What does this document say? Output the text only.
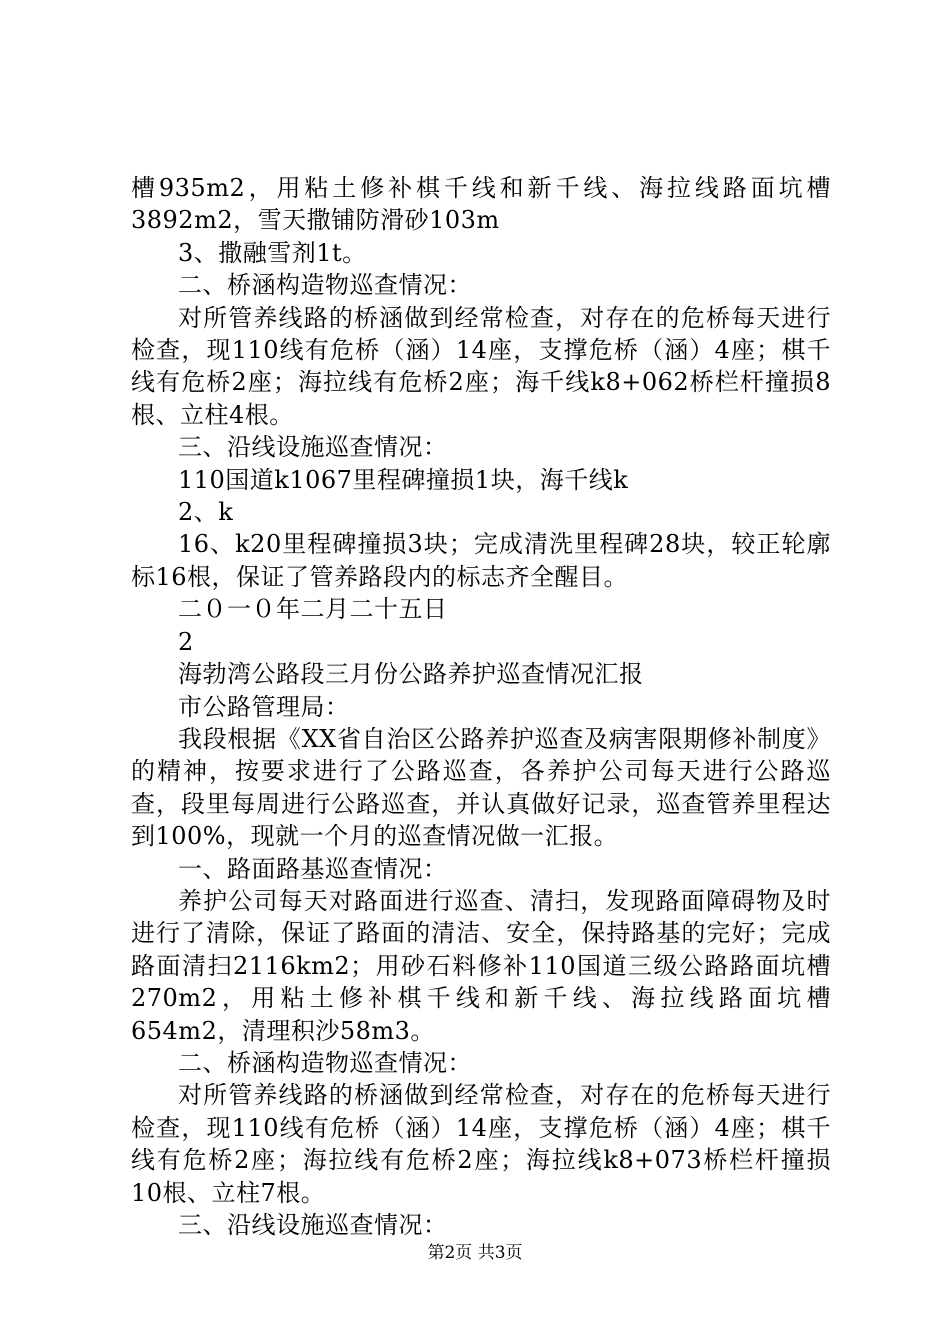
槽935m2，用粘土修补棋千线和新千线、海拉线路面坑槽3892m2，雪天撒铺防滑砂103m

3、撒融雪剂1t。

二、桥涵构造物巡查情况：

对所管养线路的桥涵做到经常检查，对存在的危桥每天进行检查，现110线有危桥（涵）14座，支撑危桥（涵）4座；棋千线有危桥2座；海拉线有危桥2座；海千线k8+062桥栏杆撞损8根、立柱4根。

三、沿线设施巡查情况：

110国道k1067里程碑撞损1块，海千线k

2、k

16、k20里程碑撞损3块；完成清洗里程碑28块，较正轮廓标16根，保证了管养路段内的标志齐全醒目。

二０一０年二月二十五日

2

海勃湾公路段三月份公路养护巡查情况汇报

市公路管理局：

我段根据《XX省自治区公路养护巡查及病害限期修补制度》的精神，按要求进行了公路巡查，各养护公司每天进行公路巡查，段里每周进行公路巡查，并认真做好记录，巡查管养里程达到100%，现就一个月的巡查情况做一汇报。

一、路面路基巡查情况：

养护公司每天对路面进行巡查、清扫，发现路面障碍物及时进行了清除，保证了路面的清洁、安全，保持路基的完好；完成路面清扫2116km2；用砂石料修补110国道三级公路路面坑槽270m2，用粘土修补棋千线和新千线、海拉线路面坑槽654m2，清理积沙58m3。

二、桥涵构造物巡查情况：

对所管养线路的桥涵做到经常检查，对存在的危桥每天进行检查，现110线有危桥（涵）14座，支撑危桥（涵）4座；棋千线有危桥2座；海拉线有危桥2座；海拉线k8+073桥栏杆撞损10根、立柱7根。

三、沿线设施巡查情况：

第2页 共3页
